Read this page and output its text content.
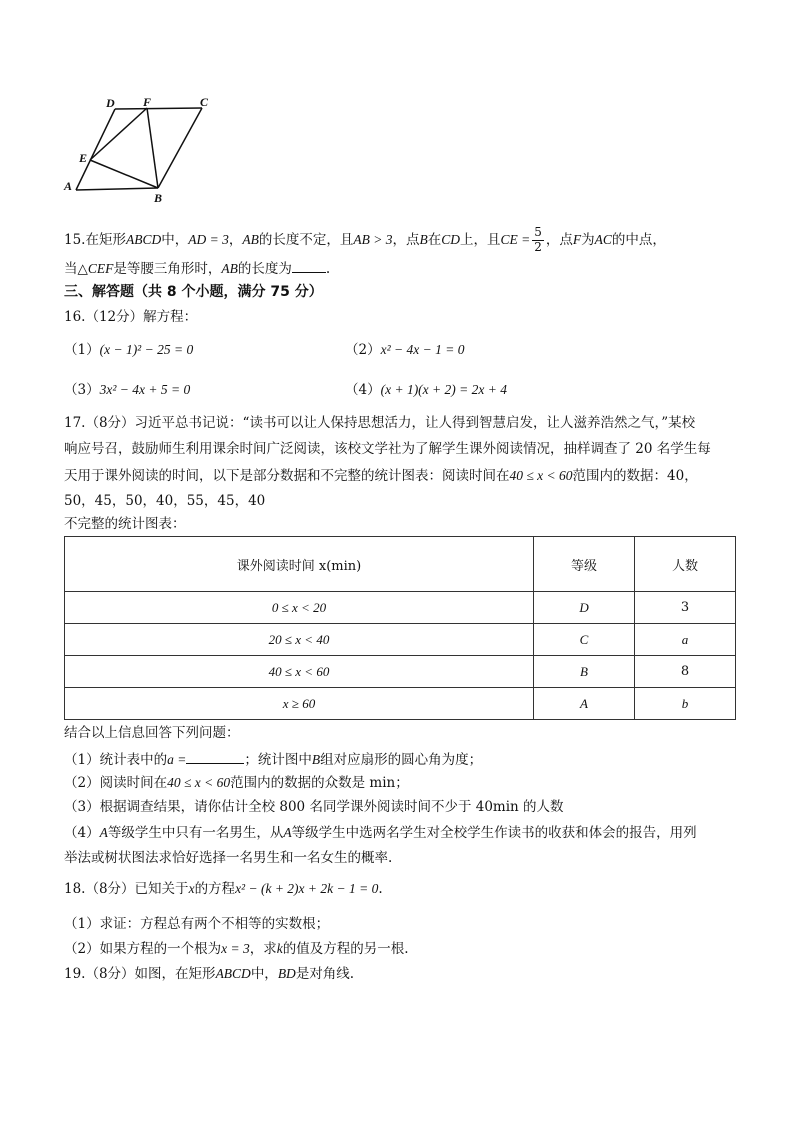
D F	C
E
A
B
15.在矩形ABCD中，AD = 3，AB的长度不定，且AB > 3，点B在CD上，且CE = $\frac{5}{2}$ ，点F为AC的中点，
当△CEF是等腰三角形时，AB的长度为	.
三、解答题（共 8 个小题，满分 75 分）
16.（12分）解方程：
（1）(x − 1)² − 25 = 0	（2）x² − 4x − 1 = 0
（3）3x² − 4x + 5 = 0	（4）(x + 1)(x + 2) = 2x + 4
17.（8分）习近平总书记说：“读书可以让人保持思想活力，让人得到智慧启发，让人滋养浩然之气，”某校
响应号召，鼓励师生利用课余时间广泛阅读，该校文学社为了解学生课外阅读情况，抽样调查了 20 名学生每
天用于课外阅读的时间，以下是部分数据和不完整的统计图表：阅读时间在40 ≤ x < 60范围内的数据：40，
50，45，50，40，55，45，40
不完整的统计图表：
课外阅读时间 x(min)	等级	人数
0 ≤ x < 20	D	3
20 ≤ x < 40	C	a
40 ≤ x < 60	B	8
x ≥ 60	A	b
结合以上信息回答下列问题：
（1）统计表中的a =	；统计图中B组对应扇形的圆心角为度；
（2）阅读时间在40 ≤ x < 60范围内的数据的众数是 min；
（3）根据调查结果，请你估计全校 800 名同学课外阅读时间不少于 40min 的人数
（4）A等级学生中只有一名男生，从A等级学生中选两名学生对全校学生作读书的收获和体会的报告，用列
举法或树状图法求恰好选择一名男生和一名女生的概率.
18.（8分）已知关于x的方程x² − (k + 2)x + 2k − 1 = 0.
（1）求证：方程总有两个不相等的实数根；
（2）如果方程的一个根为x = 3，求k的值及方程的另一根.
19.（8分）如图，在矩形ABCD中，BD是对角线.
